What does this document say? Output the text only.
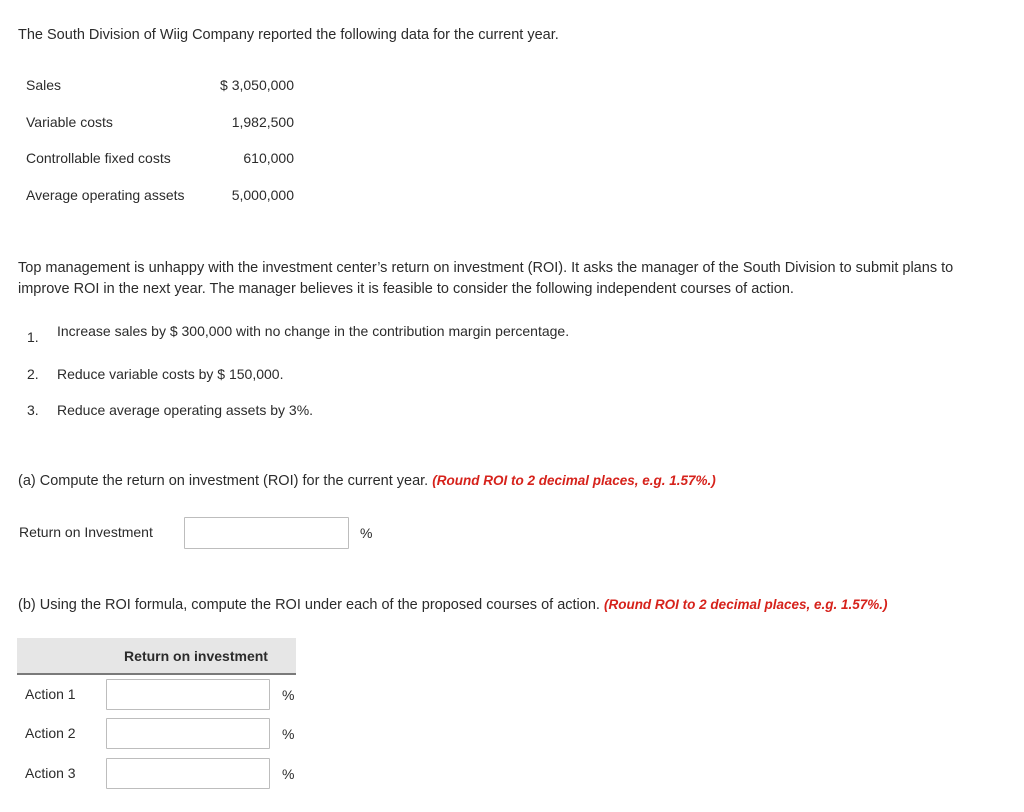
The South Division of Wiig Company reported the following data for the current year.
Sales	$ 3,050,000
Variable costs	1,982,500
Controllable fixed costs	610,000
Average operating assets	5,000,000
Top management is unhappy with the investment center’s return on investment (ROI). It asks the manager of the South Division to submit plans to improve ROI in the next year. The manager believes it is feasible to consider the following independent courses of action.
1. Increase sales by $ 300,000 with no change in the contribution margin percentage.
2. Reduce variable costs by $ 150,000.
3. Reduce average operating assets by 3%.
(a) Compute the return on investment (ROI) for the current year. (Round ROI to 2 decimal places, e.g. 1.57%.)
Return on Investment	%
(b) Using the ROI formula, compute the ROI under each of the proposed courses of action. (Round ROI to 2 decimal places, e.g. 1.57%.)
Return on investment
Action 1	%
Action 2	%
Action 3	%
